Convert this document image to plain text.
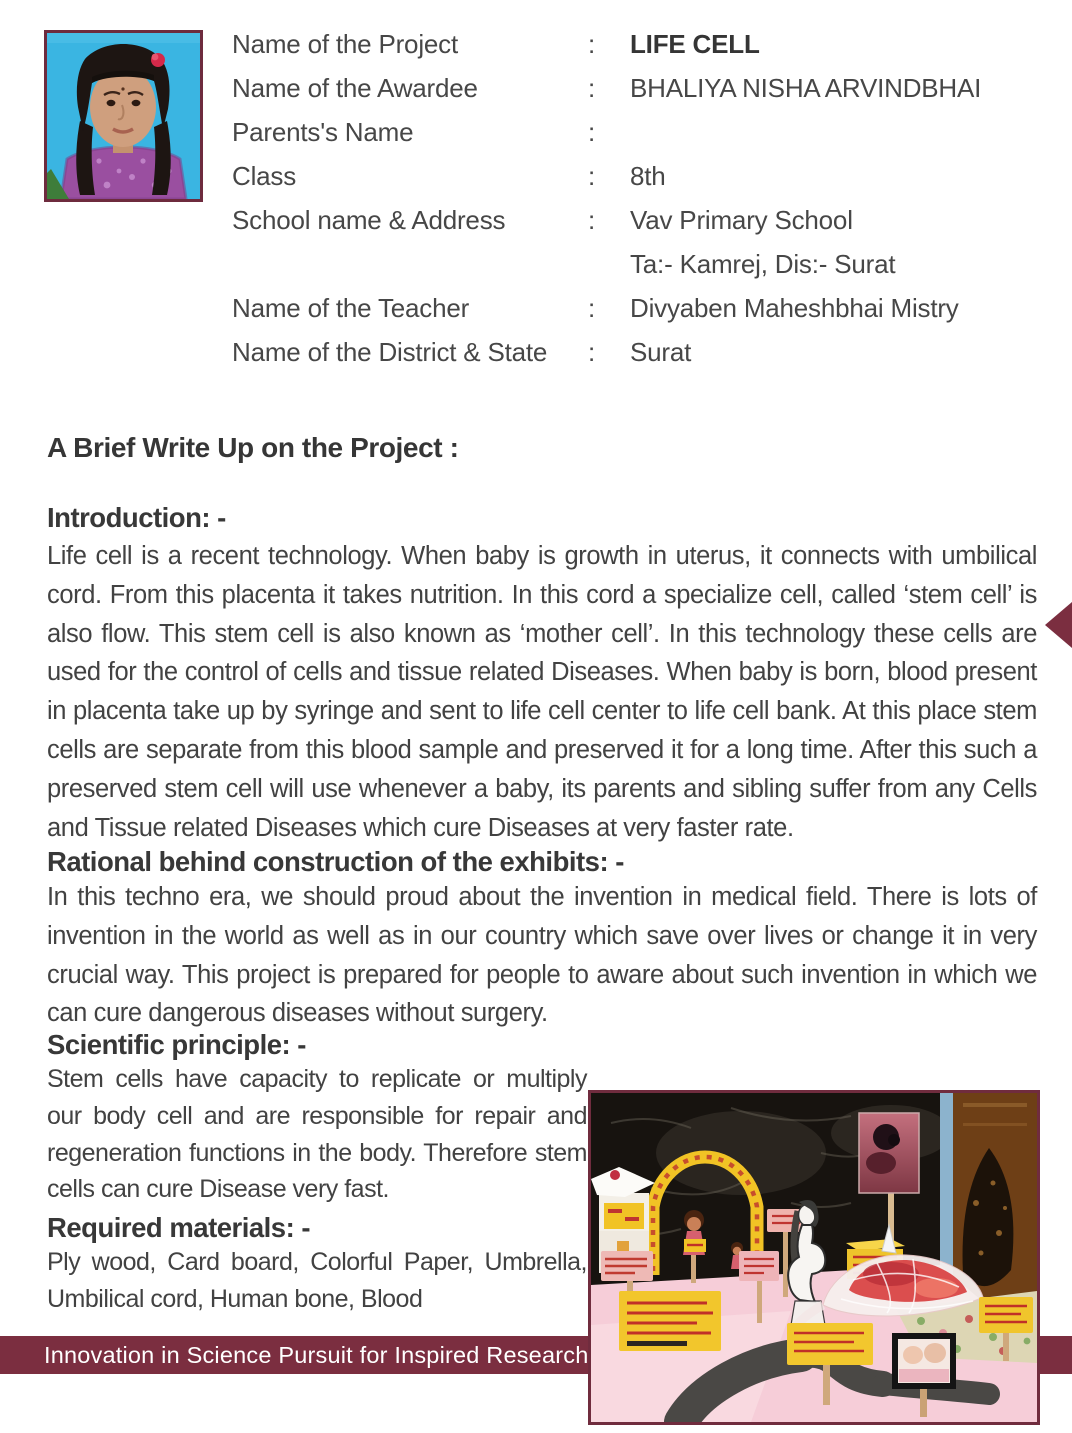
Name of the Project	:	LIFE CELL
Name of the Awardee	:	BHALIYA NISHA ARVINDBHAI
Parents's Name	:
Class	:	8th
School name & Address	:	Vav Primary School
Ta:- Kamrej, Dis:- Surat
Name of the Teacher	:	Divyaben Maheshbhai Mistry
Name of the District & State	:	Surat
A Brief Write Up on the Project :
Introduction: -

Life cell is a recent technology. When baby is growth in uterus, it connects with umbilical cord. From this placenta it takes nutrition. In this cord a specialize cell, called ‘stem cell’ is also flow. This stem cell is also known as ‘mother cell’. In this technology these cells are used for the control of cells and tissue related Diseases. When baby is born, blood present in placenta take up by syringe and sent to life cell center to life cell bank. At this place stem cells are separate from this blood sample and preserved it for a long time. After this such a preserved stem cell will use whenever a baby, its parents and sibling suffer from any Cells and Tissue related Diseases which cure Diseases at very faster rate.

Rational behind construction of the exhibits: -

In this techno era, we should proud about the invention in medical field. There is lots of invention in the world as well as in our country which save over lives or change it in very crucial way. This project is prepared for people to aware about such invention in which we can cure dangerous diseases without surgery.

Scientific principle: -

Stem cells have capacity to replicate or multiply our body cell and are responsible for repair and regeneration functions in the body. Therefore stem cells can cure Disease very fast.

Required materials: -

Ply wood, Card board, Colorful Paper, Umbrella, Umbilical cord, Human bone, Blood

Innovation in Science Pursuit for Inspired Research
